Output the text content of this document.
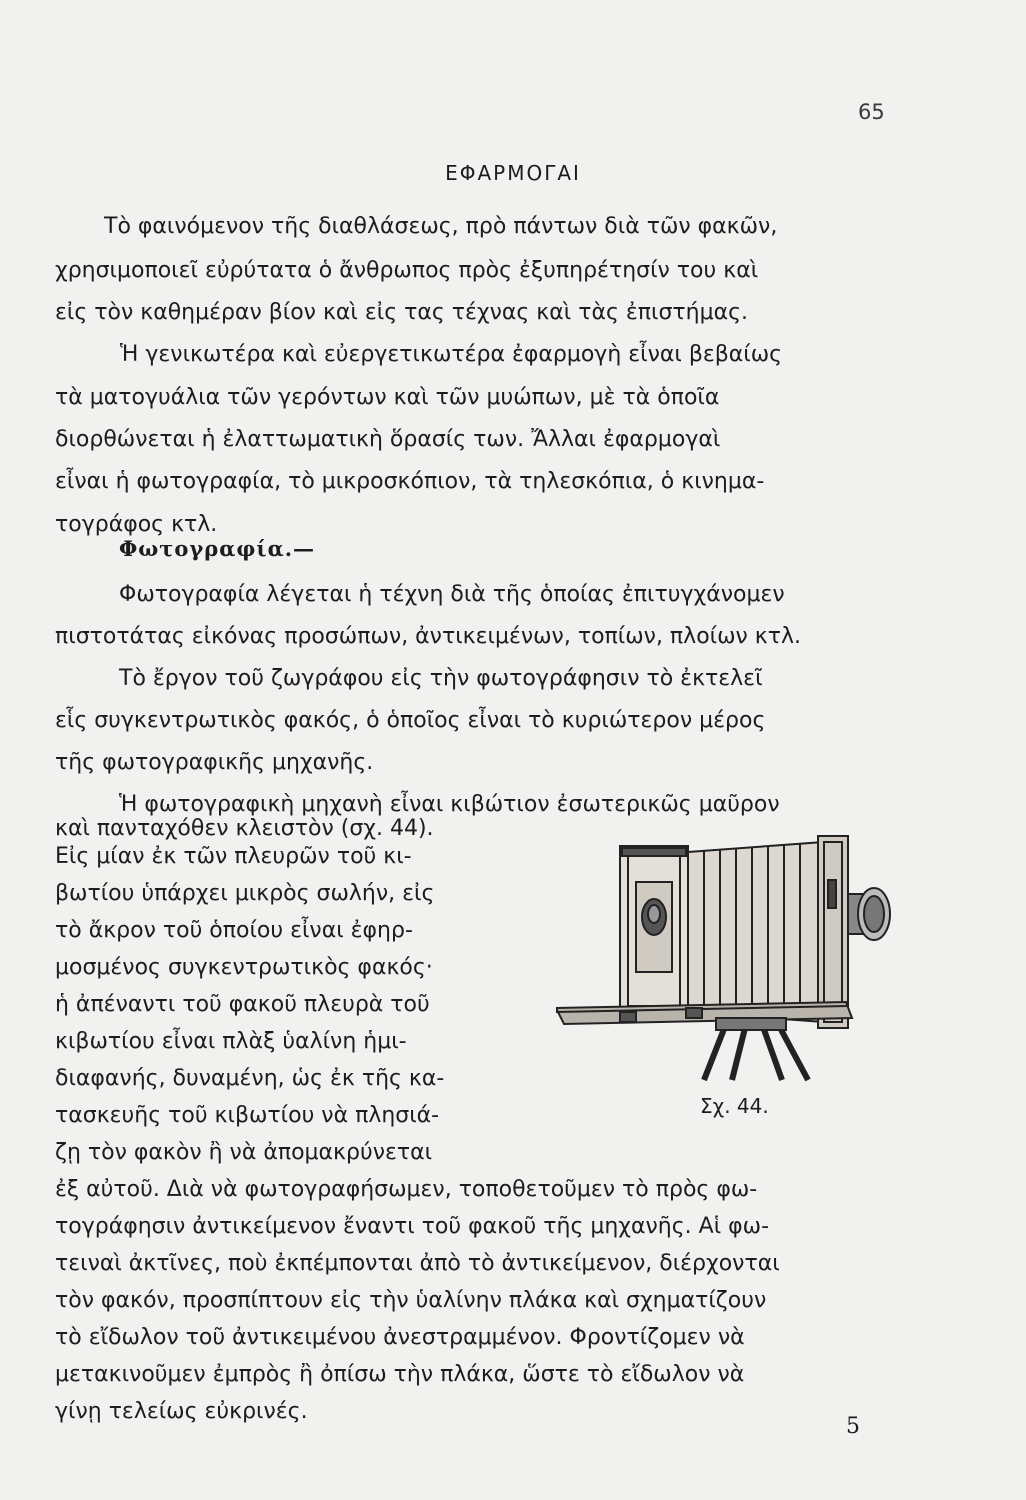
65
ΕΦΑΡΜΟΓΑΙ
Τὸ φαινόμενον τῆς διαθλάσεως, πρὸ πάντων διὰ τῶν φακῶν,
χρησιμοποιεῖ εὐρύτατα ὁ ἄνθρωπος πρὸς ἐξυπηρέτησίν του καὶ
εἰς τὸν καθημέραν βίον καὶ εἰς τας τέχνας καὶ τὰς ἐπιστήμας.
Ἡ γενικωτέρα καὶ εὐεργετικωτέρα ἐφαρμογὴ εἶναι βεβαίως
τὰ ματογυάλια τῶν γερόντων καὶ τῶν μυώπων, μὲ τὰ ὁποῖα
διορθώνεται ἡ ἐλαττωματικὴ ὅρασίς των. Ἄλλαι ἐφαρμογαὶ
εἶναι ἡ φωτογραφία, τὸ μικροσκόπιον, τὰ τηλεσκόπια, ὁ κινημα-
τογράφος κτλ.
Φωτογραφία.—
Φωτογραφία λέγεται ἡ τέχνη διὰ τῆς ὁποίας ἐπιτυγχάνομεν
πιστοτάτας εἰκόνας προσώπων, ἀντικειμένων, τοπίων, πλοίων κτλ.
Τὸ ἔργον τοῦ ζωγράφου εἰς τὴν φωτογράφησιν τὸ ἐκτελεῖ
εἷς συγκεντρωτικὸς φακός, ὁ ὁποῖος εἶναι τὸ κυριώτερον μέρος
τῆς φωτογραφικῆς μηχανῆς.
Ἡ φωτογραφικὴ μηχανὴ εἶναι κιβώτιον ἐσωτερικῶς μαῦρον
καὶ πανταχόθεν κλειστὸν (σχ. 44).
Εἰς μίαν ἐκ τῶν πλευρῶν τοῦ κι-
βωτίου ὑπάρχει μικρὸς σωλήν, εἰς
τὸ ἄκρον τοῦ ὁποίου εἶναι ἐφηρ-
μοσμένος συγκεντρωτικὸς φακός·
ἡ ἀπέναντι τοῦ φακοῦ πλευρὰ τοῦ
κιβωτίου εἶναι πλὰξ ὑαλίνη ἡμι-
διαφανής, δυναμένη, ὡς ἐκ τῆς κα-
τασκευῆς τοῦ κιβωτίου νὰ πλησιά-
ζῃ τὸν φακὸν ἢ νὰ ἀπομακρύνεται
ἐξ αὐτοῦ. Διὰ νὰ φωτογραφήσωμεν, τοποθετοῦμεν τὸ πρὸς φω-
τογράφησιν ἀντικείμενον ἔναντι τοῦ φακοῦ τῆς μηχανῆς. Αἱ φω-
τειναὶ ἀκτῖνες, ποὺ ἐκπέμπονται ἀπὸ τὸ ἀντικείμενον, διέρχονται
τὸν φακόν, προσπίπτουν εἰς τὴν ὑαλίνην πλάκα καὶ σχηματίζουν
τὸ εἴδωλον τοῦ ἀντικειμένου ἀνεστραμμένον. Φροντίζομεν νὰ
μετακινοῦμεν ἐμπρὸς ἢ ὀπίσω τὴν πλάκα, ὥστε τὸ εἴδωλον νὰ
γίνῃ τελείως εὐκρινές.
Σχ. 44.
5
